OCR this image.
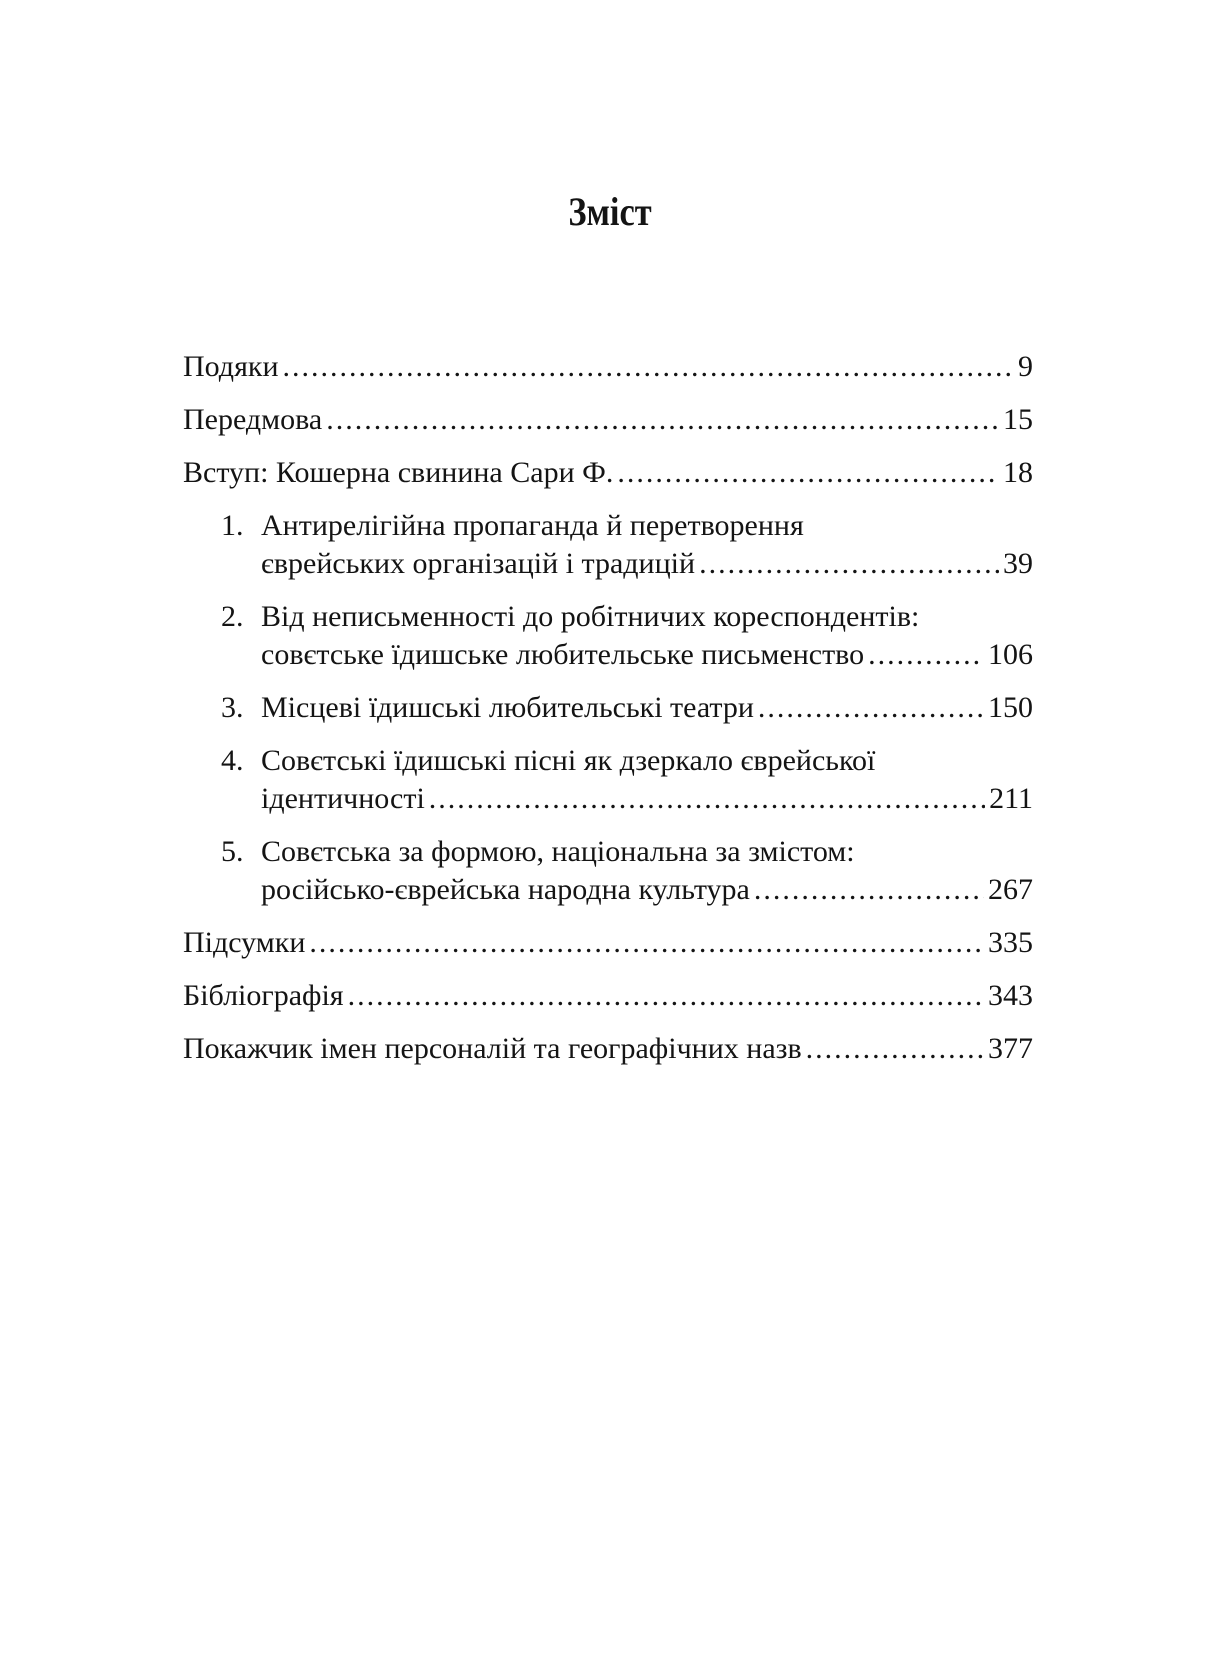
Зміст
Подяки .....	9
Передмова .....	15
Вступ: Кошерна свинина Сари Ф. .....	18
1. Антирелігійна пропаганда й перетворення
єврейських організацій і традицій .....	39
2. Від неписьменності до робітничих кореспондентів:
совєтське їдишське любительське письменство .....	106
3. Місцеві їдишські любительські театри .....	150
4. Совєтські їдишські пісні як дзеркало єврейської
ідентичності .....	211
5. Совєтська за формою, національна за змістом:
російсько-єврейська народна культура .....	267
Підсумки .....	335
Бібліографія .....	343
Покажчик імен персоналій та географічних назв .....	377
